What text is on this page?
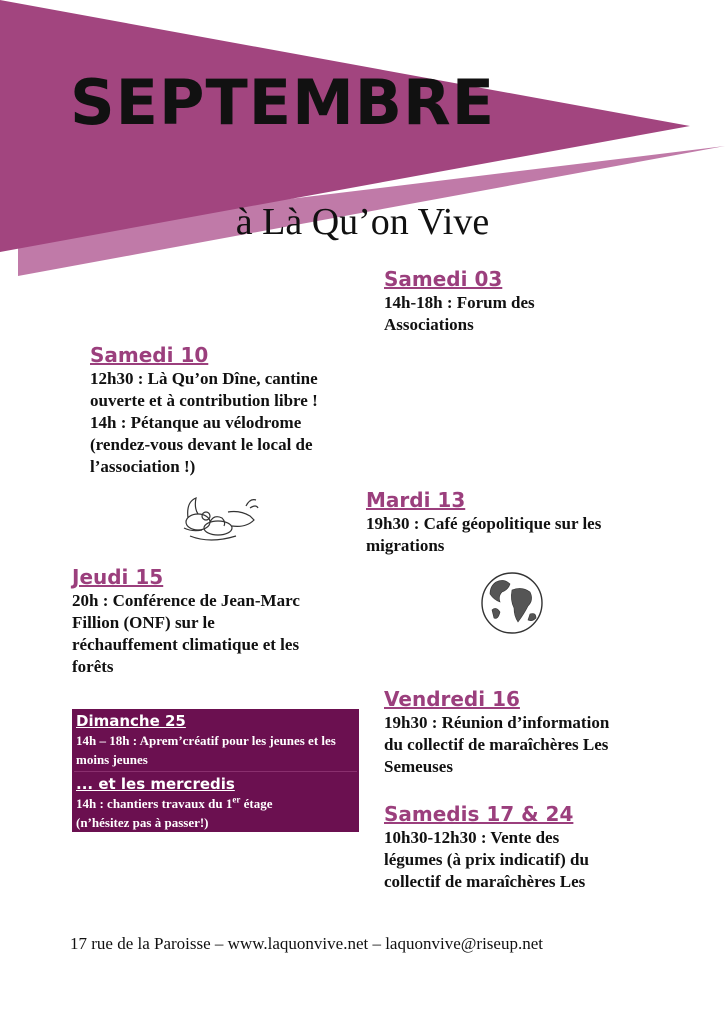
SEPTEMBRE
à Là Qu’on Vive
Samedi 03
14h-18h : Forum des
Associations
Samedi 10
12h30 : Là Qu’on Dîne, cantine
ouverte et à contribution libre !
14h : Pétanque au vélodrome
(rendez-vous devant le local de
l’association !)
Mardi 13
19h30 : Café géopolitique sur les
migrations
Jeudi 15
20h : Conférence de Jean-Marc
Fillion (ONF) sur le
réchauffement climatique et les
forêts
Vendredi 16
19h30 : Réunion d’information
du collectif de maraîchères Les
Semeuses
Samedis 17 & 24
10h30-12h30 : Vente des
légumes (à prix indicatif) du
collectif de maraîchères Les
Dimanche 25
14h – 18h : Aprem’créatif pour les jeunes et les moins jeunes
... et les mercredis
14h : chantiers travaux du 1er étage
(n’hésitez pas à passer!)
17 rue de la Paroisse – www.laquonvive.net – laquonvive@riseup.net
